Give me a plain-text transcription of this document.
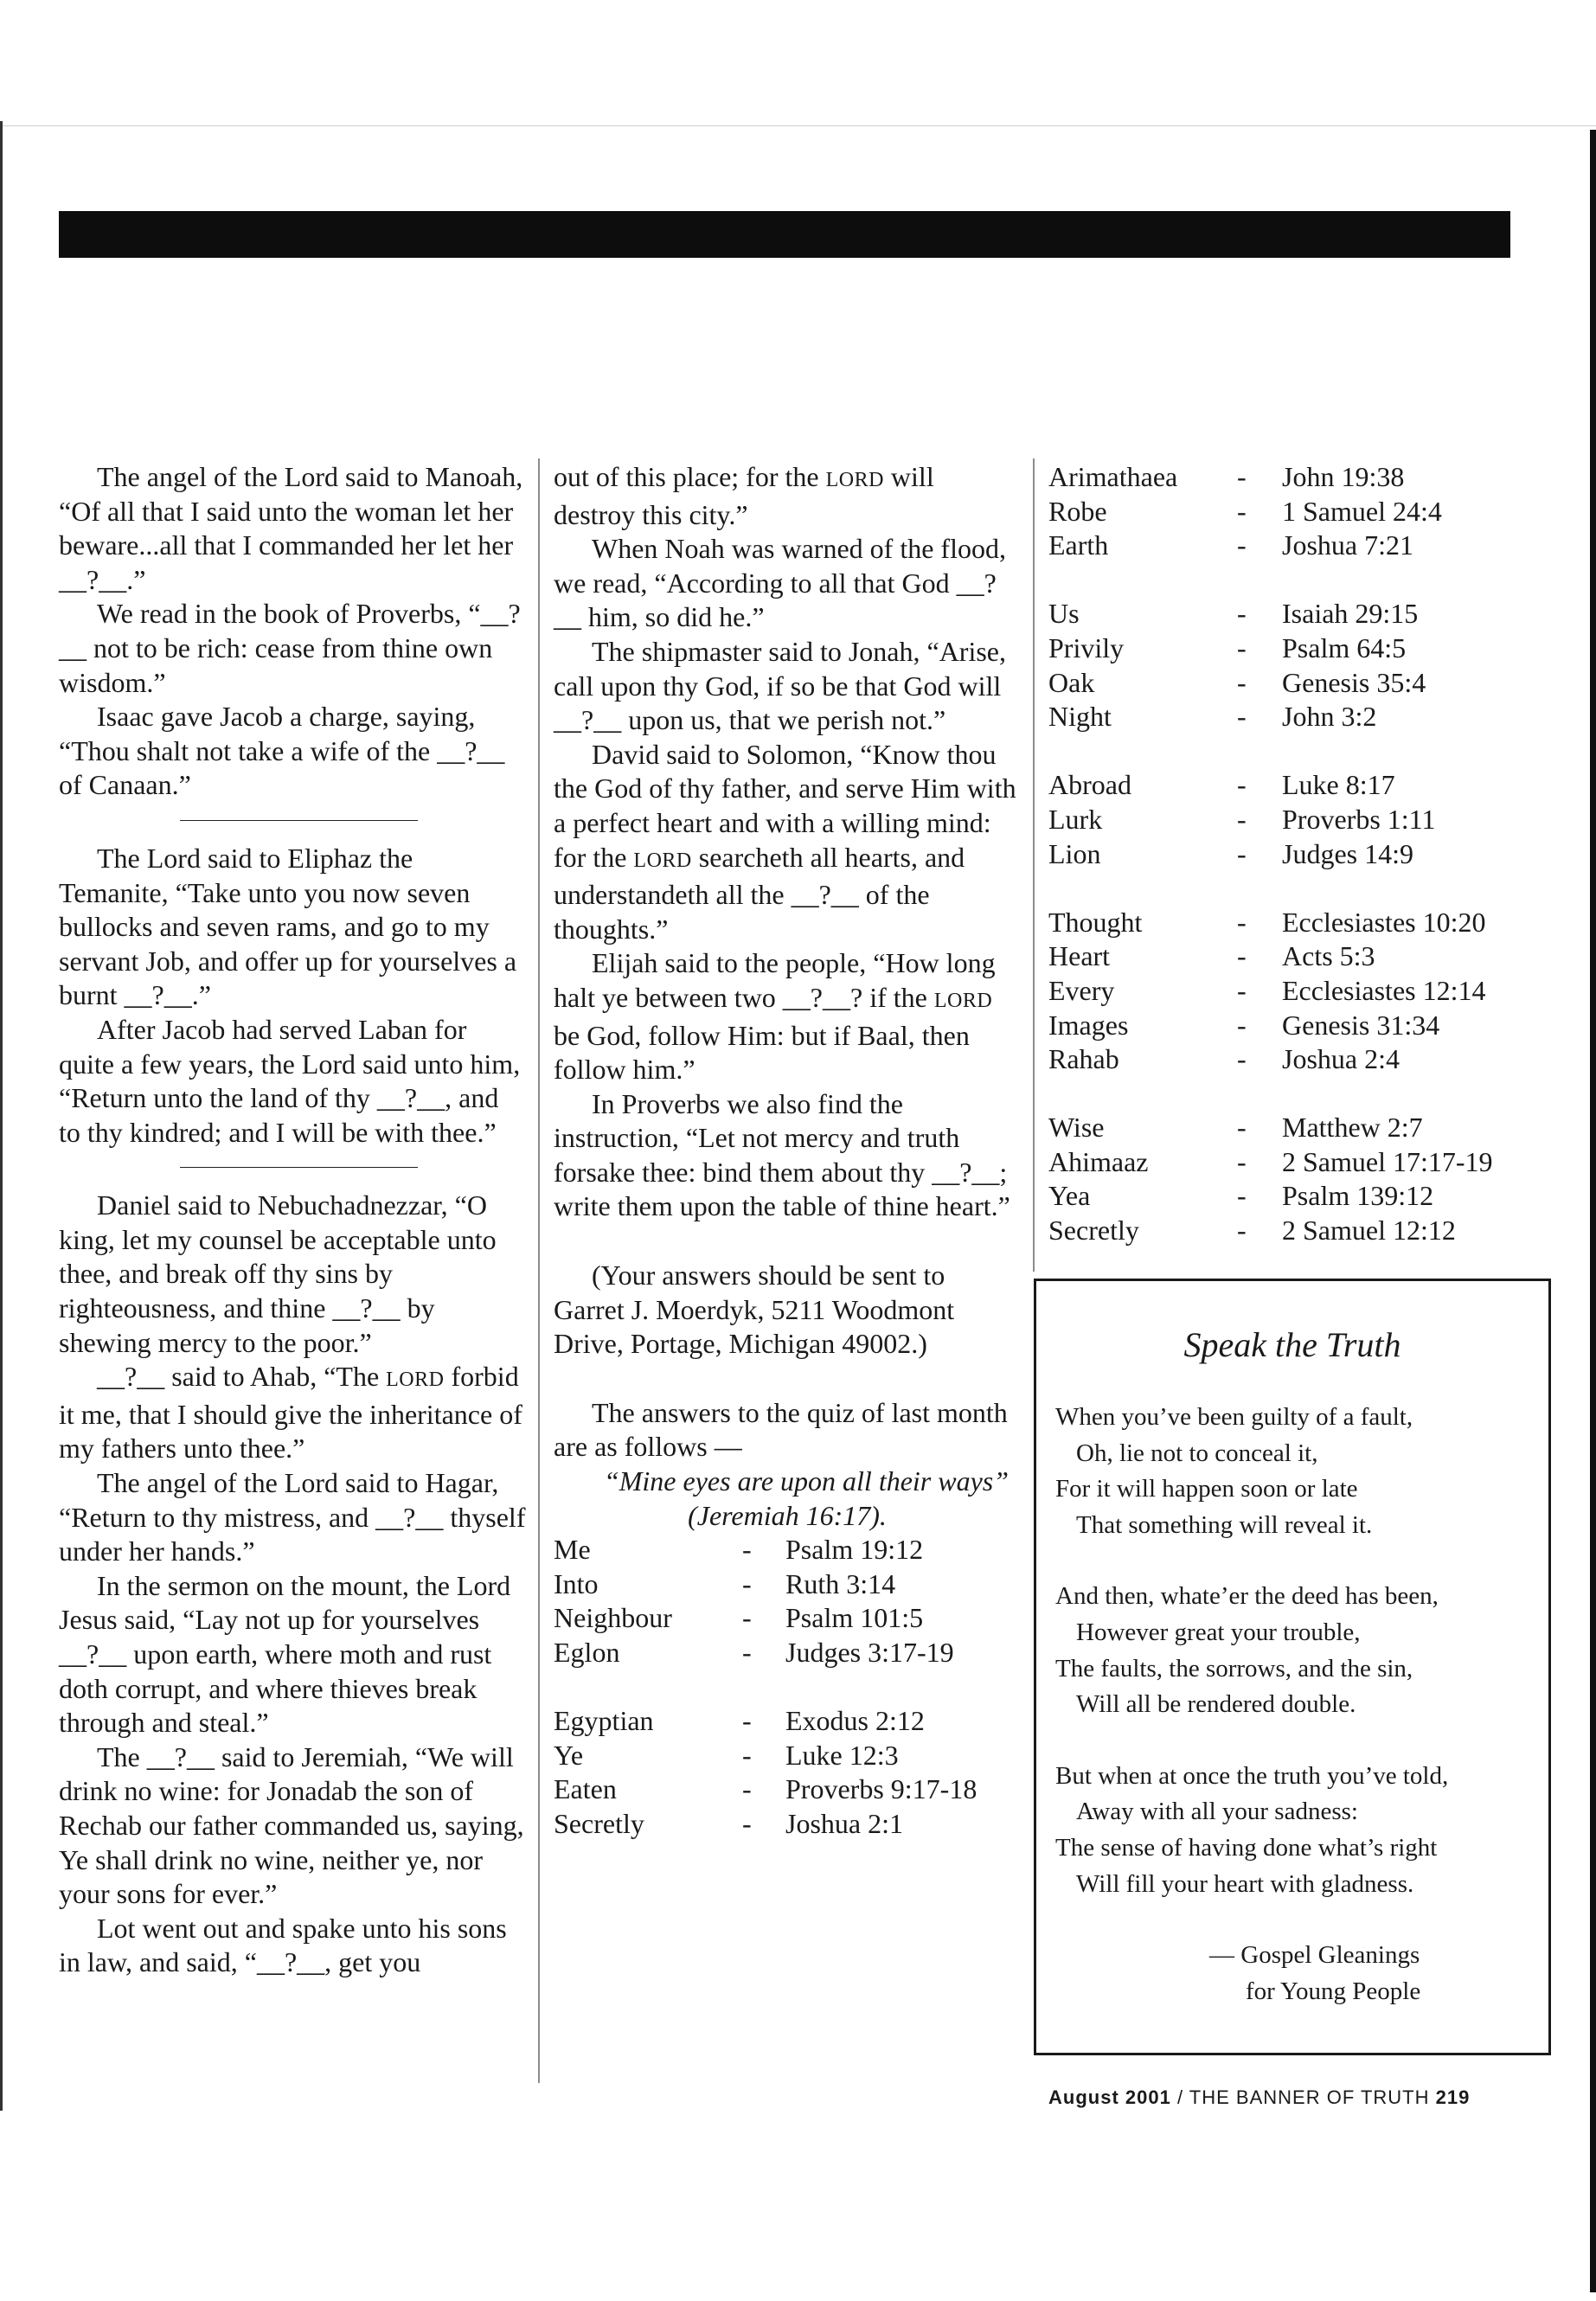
The angel of the Lord said to Manoah, “Of all that I said unto the woman let her beware...all that I commanded her let her __?__.”

We read in the book of Proverbs, “__?__ not to be rich: cease from thine own wisdom.”

Isaac gave Jacob a charge, saying, “Thou shalt not take a wife of the __?__ of Canaan.”

The Lord said to Eliphaz the Temanite, “Take unto you now seven bullocks and seven rams, and go to my servant Job, and offer up for yourselves a burnt __?__.”

After Jacob had served Laban for quite a few years, the Lord said unto him, “Return unto the land of thy __?__, and to thy kindred; and I will be with thee.”

Daniel said to Nebuchadnezzar, “O king, let my counsel be acceptable unto thee, and break off thy sins by righteousness, and thine __?__ by shewing mercy to the poor.”

__?__ said to Ahab, “The LORD forbid it me, that I should give the inheritance of my fathers unto thee.”

The angel of the Lord said to Hagar, “Return to thy mistress, and __?__ thyself under her hands.”

In the sermon on the mount, the Lord Jesus said, “Lay not up for yourselves __?__ upon earth, where moth and rust doth corrupt, and where thieves break through and steal.”

The __?__ said to Jeremiah, “We will drink no wine: for Jonadab the son of Rechab our father commanded us, saying, Ye shall drink no wine, neither ye, nor your sons for ever.”

Lot went out and spake unto his sons in law, and said, “__?__, get you

out of this place; for the LORD will destroy this city.”

When Noah was warned of the flood, we read, “According to all that God __?__ him, so did he.”

The shipmaster said to Jonah, “Arise, call upon thy God, if so be that God will __?__ upon us, that we perish not.”

David said to Solomon, “Know thou the God of thy father, and serve Him with a perfect heart and with a willing mind: for the LORD searcheth all hearts, and understandeth all the __?__ of the thoughts.”

Elijah said to the people, “How long halt ye between two __?__? if the LORD be God, follow Him: but if Baal, then follow him.”

In Proverbs we also find the instruction, “Let not mercy and truth forsake thee: bind them about thy __?__; write them upon the table of thine heart.”

(Your answers should be sent to Garret J. Moerdyk, 5211 Woodmont Drive, Portage, Michigan 49002.)

The answers to the quiz of last month are as follows —

“Mine eyes are upon all their ways” (Jeremiah 16:17).

Me	-	Psalm 19:12
Into	-	Ruth 3:14
Neighbour	-	Psalm 101:5
Eglon	-	Judges 3:17-19

Egyptian	-	Exodus 2:12
Ye	-	Luke 12:3
Eaten	-	Proverbs 9:17-18
Secretly	-	Joshua 2:1
Arimathaea	-	John 19:38
Robe	-	1 Samuel 24:4
Earth	-	Joshua 7:21

Us	-	Isaiah 29:15
Privily	-	Psalm 64:5
Oak	-	Genesis 35:4
Night	-	John 3:2

Abroad	-	Luke 8:17
Lurk	-	Proverbs 1:11
Lion	-	Judges 14:9

Thought	-	Ecclesiastes 10:20
Heart	-	Acts 5:3
Every	-	Ecclesiastes 12:14
Images	-	Genesis 31:34
Rahab	-	Joshua 2:4

Wise	-	Matthew 2:7
Ahimaaz	-	2 Samuel 17:17-19
Yea	-	Psalm 139:12
Secretly	-	2 Samuel 12:12
Speak the Truth
When you’ve been guilty of a fault,
Oh, lie not to conceal it,
For it will happen soon or late
That something will reveal it.
And then, whate’er the deed has been,
However great your trouble,
The faults, the sorrows, and the sin,
Will all be rendered double.
But when at once the truth you’ve told,
Away with all your sadness:
The sense of having done what’s right
Will fill your heart with gladness.
— Gospel Gleanings
for Young People
August 2001 / THE BANNER OF TRUTH 219
